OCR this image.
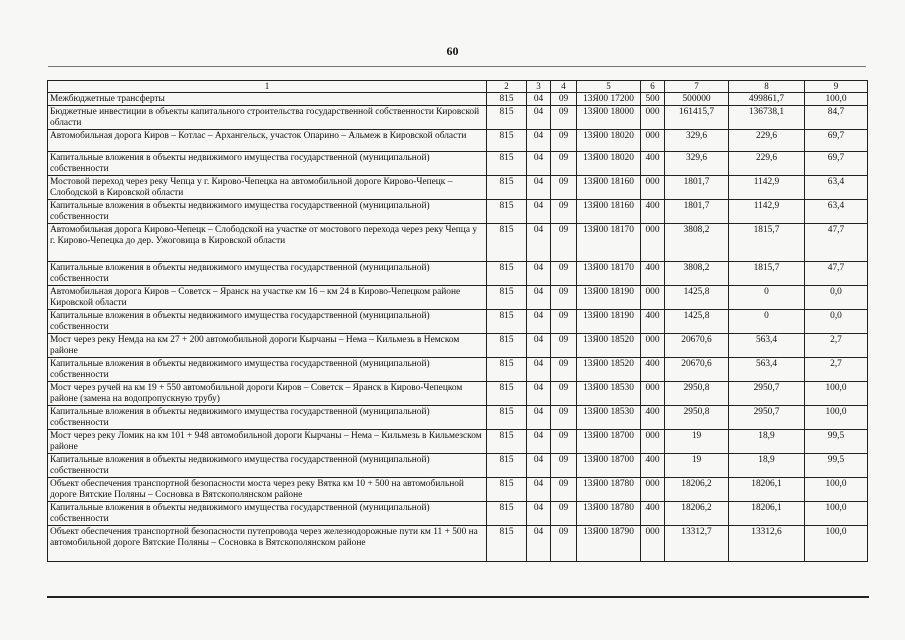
60
1	2	3	4	5	6	7	8	9
Межбюджетные трансферты	815	04	09	13Я00 17200	500	500000	499861,7	100,0
Бюджетные инвестиции в объекты капитального строительства государственной собственности Кировской области	815	04	09	13Я00 18000	000	161415,7	136738,1	84,7
Автомобильная дорога Киров – Котлас – Архангельск, участок Опарино – Альмеж в Кировской области	815	04	09	13Я00 18020	000	329,6	229,6	69,7
Капитальные вложения в объекты недвижимого имущества государственной (муниципальной) собственности	815	04	09	13Я00 18020	400	329,6	229,6	69,7
Мостовой переход через реку Чепца у г. Кирово-Чепецка на автомобильной дороге Кирово-Чепецк – Слободской в Кировской области	815	04	09	13Я00 18160	000	1801,7	1142,9	63,4
Капитальные вложения в объекты недвижимого имущества государственной (муниципальной) собственности	815	04	09	13Я00 18160	400	1801,7	1142,9	63,4
Автомобильная дорога Кирово-Чепецк – Слободской на участке от мостового перехода через реку Чепца у г. Кирово-Чепецка до дер. Ужоговица в Кировской области	815	04	09	13Я00 18170	000	3808,2	1815,7	47,7
Капитальные вложения в объекты недвижимого имущества государственной (муниципальной) собственности	815	04	09	13Я00 18170	400	3808,2	1815,7	47,7
Автомобильная дорога Киров – Советск – Яранск на участке км 16 – км 24 в Кирово-Чепецком районе Кировской области	815	04	09	13Я00 18190	000	1425,8	0	0,0
Капитальные вложения в объекты недвижимого имущества государственной (муниципальной) собственности	815	04	09	13Я00 18190	400	1425,8	0	0,0
Мост через реку Немда на км 27 + 200 автомобильной дороги Кырчаны – Нема – Кильмезь в Немском районе	815	04	09	13Я00 18520	000	20670,6	563,4	2,7
Капитальные вложения в объекты недвижимого имущества государственной (муниципальной) собственности	815	04	09	13Я00 18520	400	20670,6	563,4	2,7
Мост через ручей на км 19 + 550 автомобильной дороги Киров – Советск – Яранск в Кирово-Чепецком районе (замена на водопропускную трубу)	815	04	09	13Я00 18530	000	2950,8	2950,7	100,0
Капитальные вложения в объекты недвижимого имущества государственной (муниципальной) собственности	815	04	09	13Я00 18530	400	2950,8	2950,7	100,0
Мост через реку Ломик на км 101 + 948 автомобильной дороги Кырчаны – Нема – Кильмезь в Кильмезском районе	815	04	09	13Я00 18700	000	19	18,9	99,5
Капитальные вложения в объекты недвижимого имущества государственной (муниципальной) собственности	815	04	09	13Я00 18700	400	19	18,9	99,5
Объект обеспечения транспортной безопасности моста через реку Вятка км 10 + 500 на автомобильной дороге Вятские Поляны – Сосновка в Вятскополянском районе	815	04	09	13Я00 18780	000	18206,2	18206,1	100,0
Капитальные вложения в объекты недвижимого имущества государственной (муниципальной) собственности	815	04	09	13Я00 18780	400	18206,2	18206,1	100,0
Объект обеспечения транспортной безопасности путепровода через железнодорожные пути км 11 + 500 на автомобильной дороге Вятские Поляны – Сосновка в Вятскополянском районе	815	04	09	13Я00 18790	000	13312,7	13312,6	100,0
